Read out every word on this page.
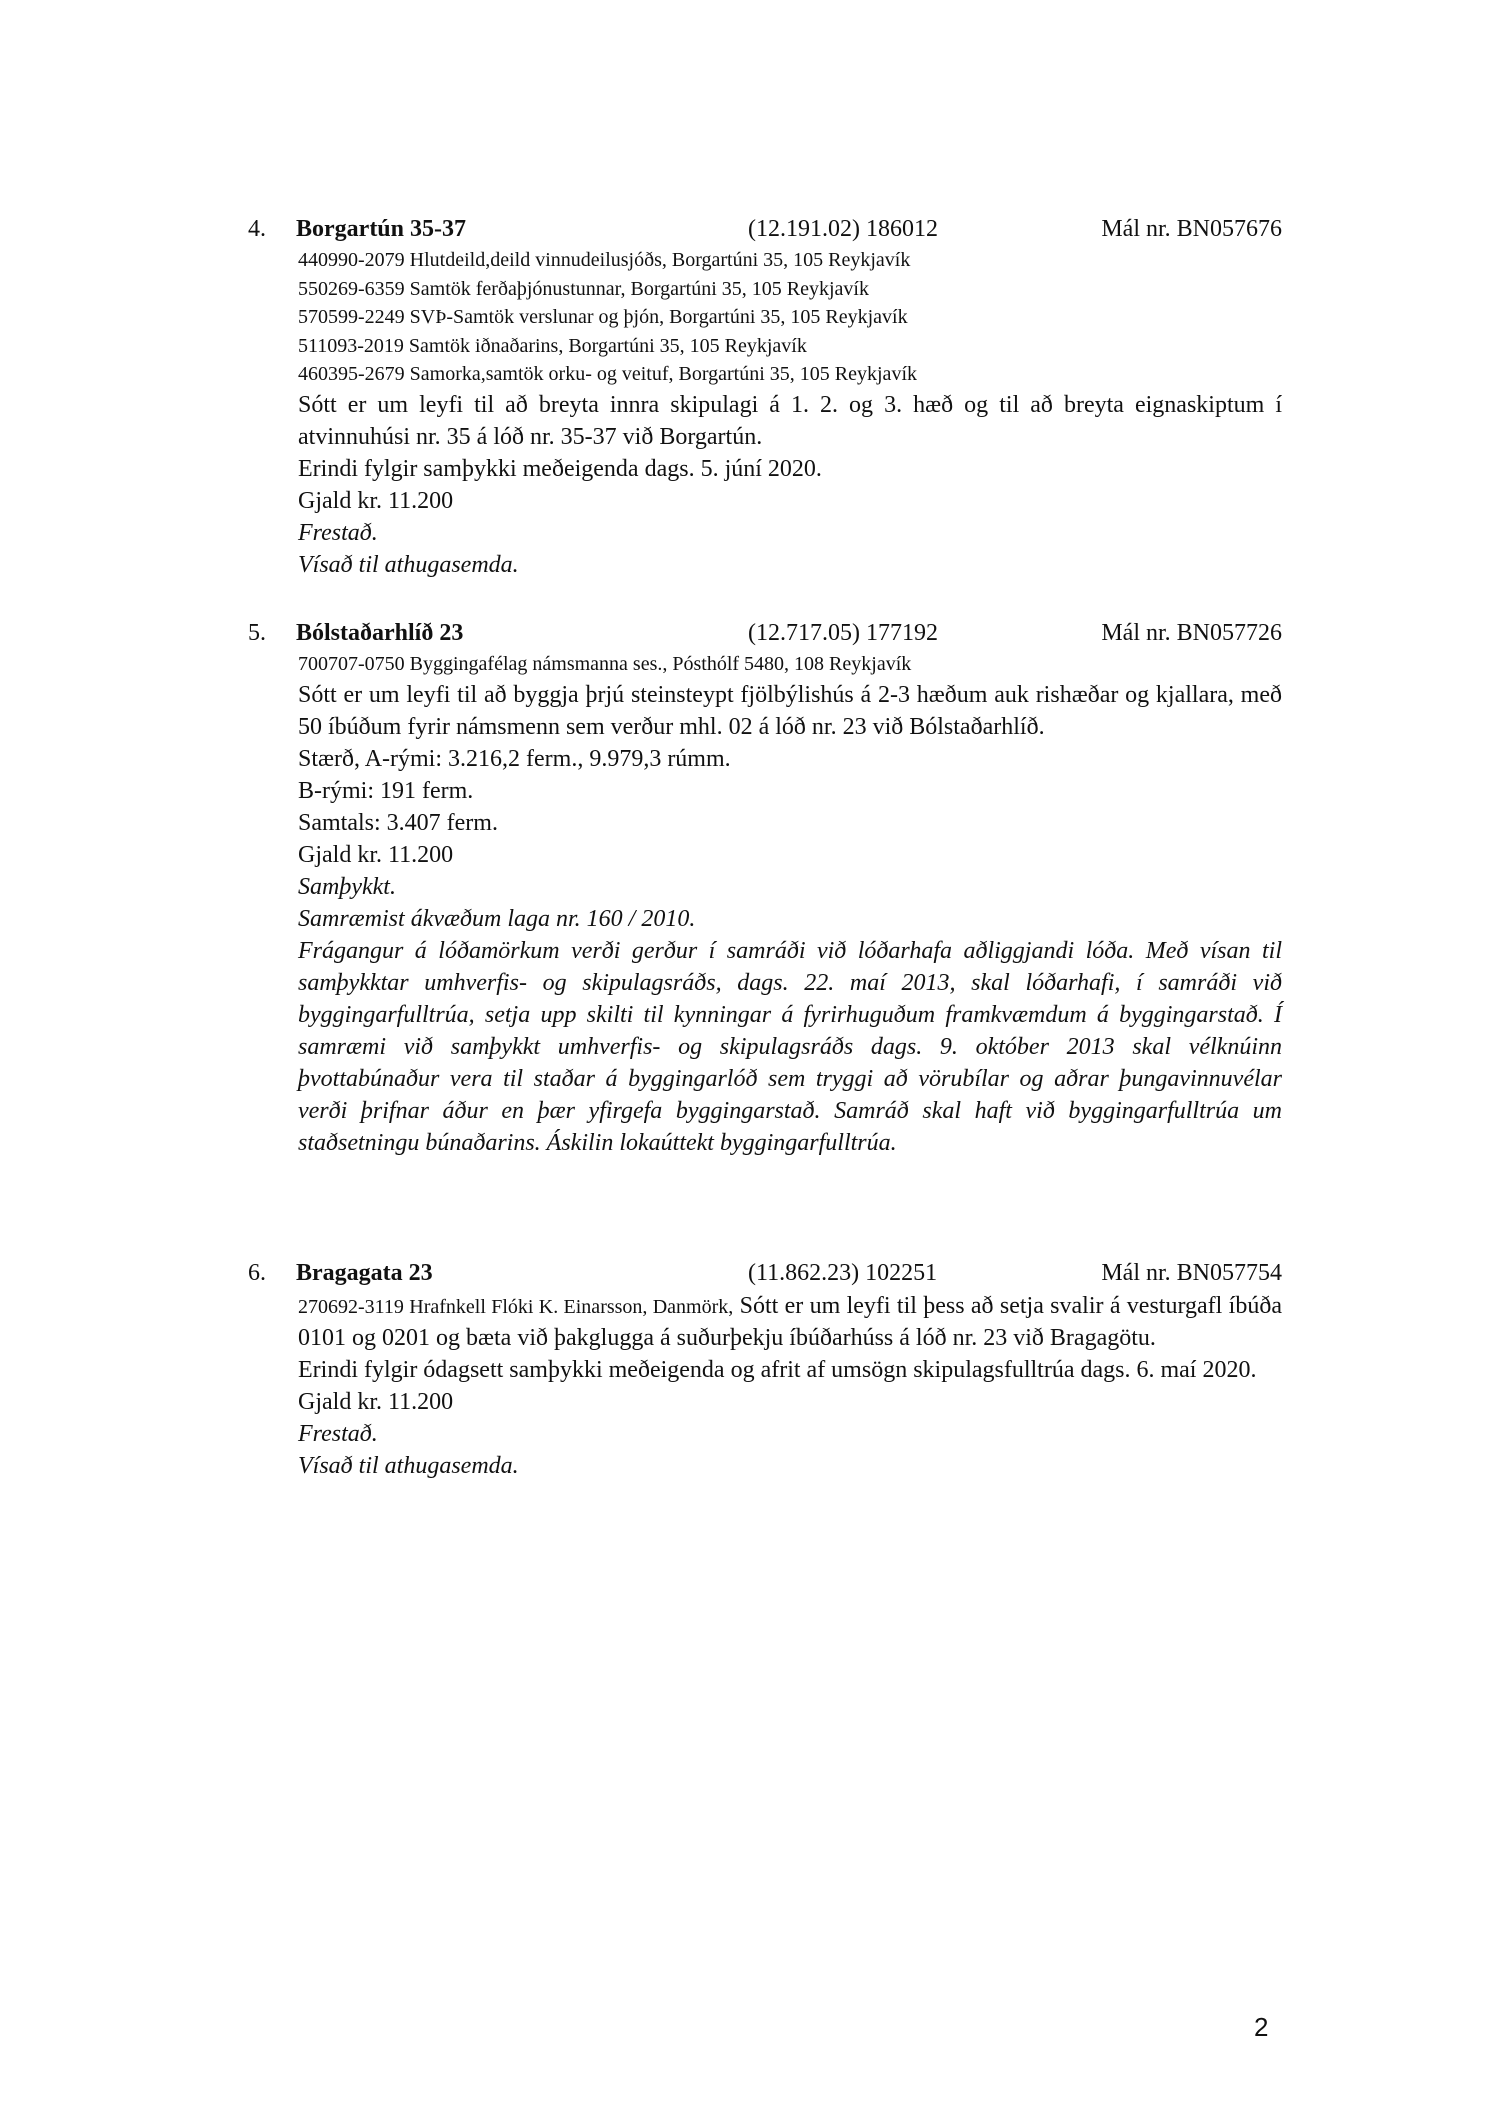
4. Borgartún 35-37	(12.191.02) 186012	Mál nr. BN057676
440990-2079 Hlutdeild,deild vinnudeilusjóðs, Borgartúni 35, 105 Reykjavík
550269-6359 Samtök ferðaþjónustunnar, Borgartúni 35, 105 Reykjavík
570599-2249 SVÞ-Samtök verslunar og þjón, Borgartúni 35, 105 Reykjavík
511093-2019 Samtök iðnaðarins, Borgartúni 35, 105 Reykjavík
460395-2679 Samorka,samtök orku- og veituf, Borgartúni 35, 105 Reykjavík
Sótt er um leyfi til að breyta innra skipulagi á 1. 2. og 3. hæð og til að breyta eignaskiptum í atvinnuhúsi nr. 35 á lóð nr. 35-37 við Borgartún.
Erindi fylgir samþykki meðeigenda dags. 5. júní 2020.
Gjald kr. 11.200
Frestað.
Vísað til athugasemda.
5. Bólstaðarhlíð 23	(12.717.05) 177192	Mál nr. BN057726
700707-0750 Byggingafélag námsmanna ses., Pósthólf 5480, 108 Reykjavík
Sótt er um leyfi til að byggja þrjú steinsteypt fjölbýlishús á 2-3 hæðum auk rishæðar og kjallara, með 50 íbúðum fyrir námsmenn sem verður mhl. 02 á lóð nr. 23 við Bólstaðarhlíð.
Stærð, A-rými: 3.216,2 ferm., 9.979,3 rúmm.
B-rými: 191 ferm.
Samtals: 3.407 ferm.
Gjald kr. 11.200
Samþykkt.
Samræmist ákvæðum laga nr. 160 / 2010.
Frágangur á lóðamörkum verði gerður í samráði við lóðarhafa aðliggjandi lóða. Með vísan til samþykktar umhverfis- og skipulagsráðs, dags. 22. maí 2013, skal lóðarhafi, í samráði við byggingarfulltrúa, setja upp skilti til kynningar á fyrirhuguðum framkvæmdum á byggingarstað. Í samræmi við samþykkt umhverfis- og skipulagsráðs dags. 9. október 2013 skal vélknúinn þvottabúnaður vera til staðar á byggingarlóð sem tryggi að vörubílar og aðrar þungavinnuvélar verði þrifnar áður en þær yfirgefa byggingarstað. Samráð skal haft við byggingarfulltrúa um staðsetningu búnaðarins. Áskilin lokaúttekt byggingarfulltrúa.
6. Bragagata 23	(11.862.23) 102251	Mál nr. BN057754
270692-3119 Hrafnkell Flóki K. Einarsson, Danmörk, Sótt er um leyfi til þess að setja svalir á vesturgafl íbúða 0101 og 0201 og bæta við þakglugga á suðurþekju íbúðarhúss á lóð nr. 23 við Bragagötu.
Erindi fylgir ódagsett samþykki meðeigenda og afrit af umsögn skipulagsfulltrúa dags. 6. maí 2020.
Gjald kr. 11.200
Frestað.
Vísað til athugasemda.
2
